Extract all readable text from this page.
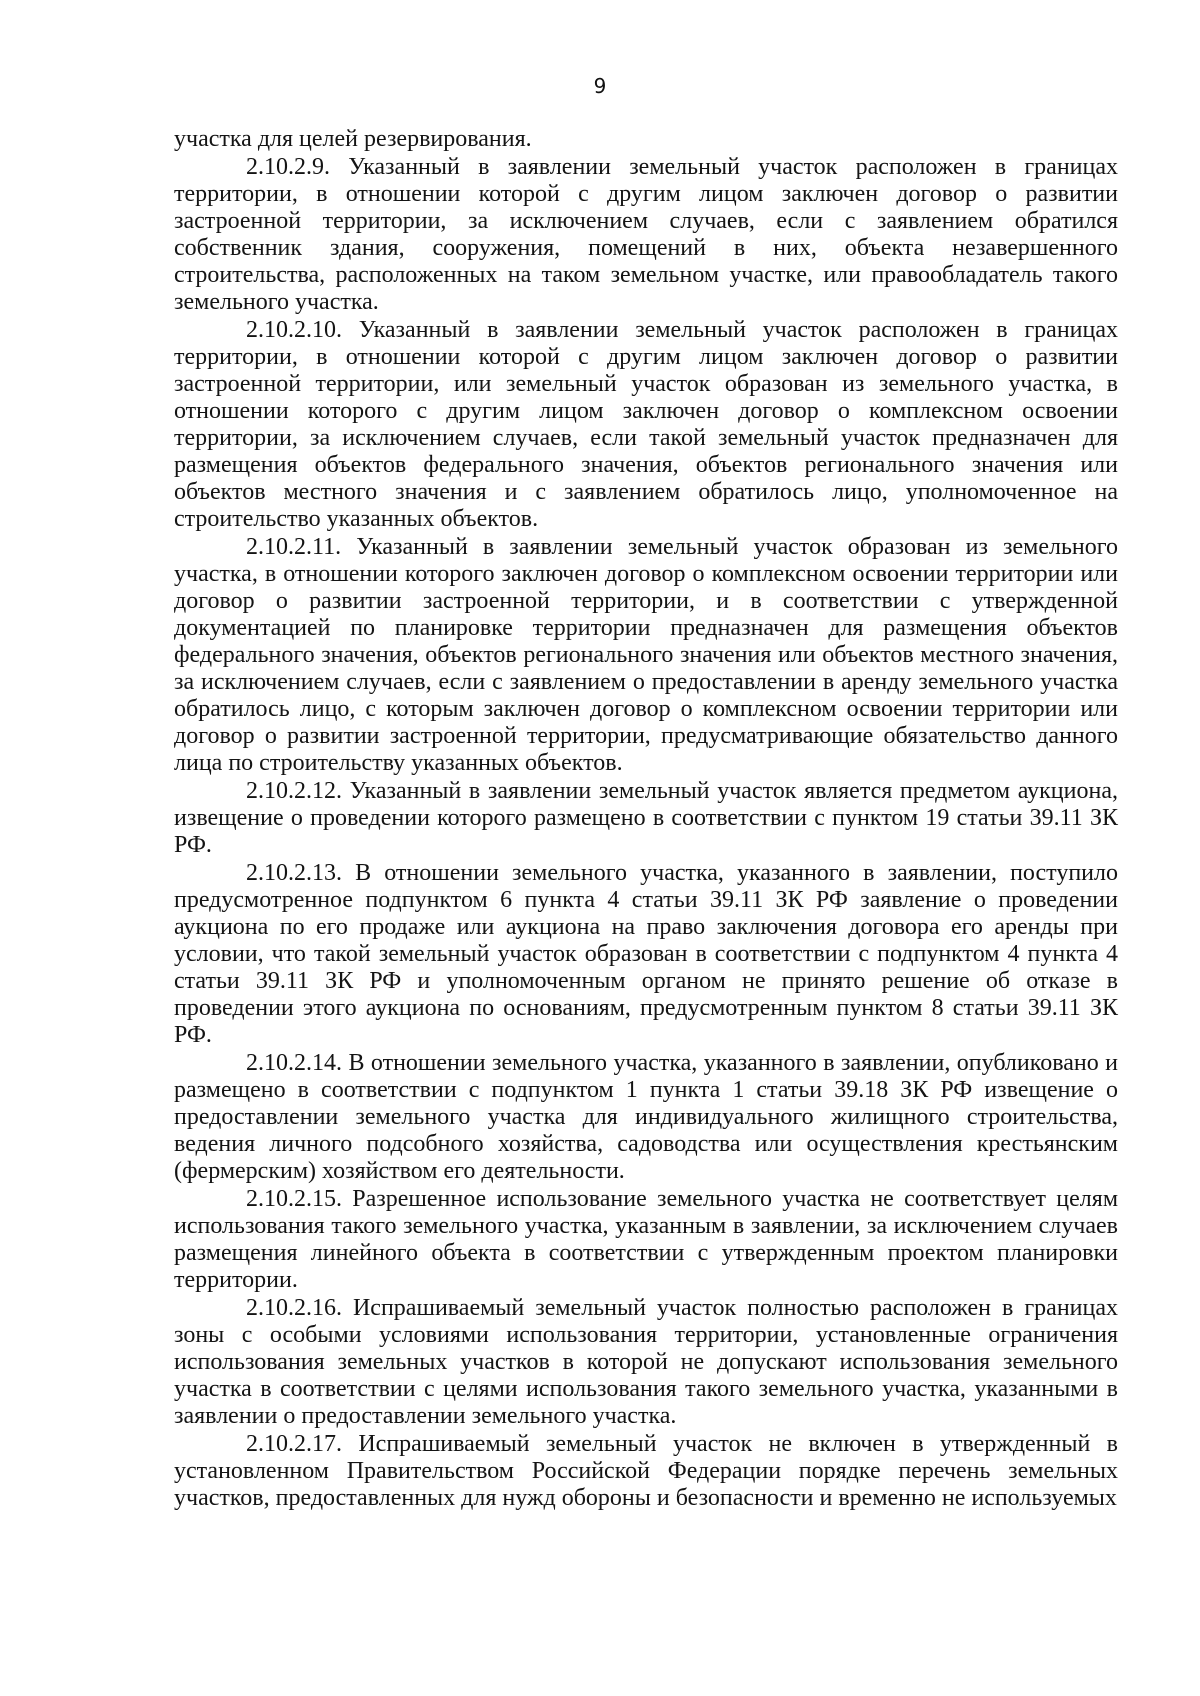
9

участка для целей резервирования.

2.10.2.9. Указанный в заявлении земельный участок расположен в границах территории, в отношении которой с другим лицом заключен договор о развитии застроенной территории, за исключением случаев, если с заявлением обратился собственник здания, сооружения, помещений в них, объекта незавершенного строительства, расположенных на таком земельном участке, или правообладатель такого земельного участка.

2.10.2.10. Указанный в заявлении земельный участок расположен в границах территории, в отношении которой с другим лицом заключен договор о развитии застроенной территории, или земельный участок образован из земельного участка, в отношении которого с другим лицом заключен договор о комплексном освоении территории, за исключением случаев, если такой земельный участок предназначен для размещения объектов федерального значения, объектов регионального значения или объектов местного значения и с заявлением обратилось лицо, уполномоченное на строительство указанных объектов.

2.10.2.11. Указанный в заявлении земельный участок образован из земельного участка, в отношении которого заключен договор о комплексном освоении территории или договор о развитии застроенной территории, и в соответствии с утвержденной документацией по планировке территории предназначен для размещения объектов федерального значения, объектов регионального значения или объектов местного значения, за исключением случаев, если с заявлением о предоставлении в аренду земельного участка обратилось лицо, с которым заключен договор о комплексном освоении территории или договор о развитии застроенной территории, предусматривающие обязательство данного лица по строительству указанных объектов.

2.10.2.12. Указанный в заявлении земельный участок является предметом аукциона, извещение о проведении которого размещено в соответствии с пунктом 19 статьи 39.11 ЗК РФ.

2.10.2.13. В отношении земельного участка, указанного в заявлении, поступило предусмотренное подпунктом 6 пункта 4 статьи 39.11 ЗК РФ заявление о проведении аукциона по его продаже или аукциона на право заключения договора его аренды при условии, что такой земельный участок образован в соответствии с подпунктом 4 пункта 4 статьи 39.11 ЗК РФ и уполномоченным органом не принято решение об отказе в проведении этого аукциона по основаниям, предусмотренным пунктом 8 статьи 39.11 ЗК РФ.

2.10.2.14. В отношении земельного участка, указанного в заявлении, опубликовано и размещено в соответствии с подпунктом 1 пункта 1 статьи 39.18 ЗК РФ извещение о предоставлении земельного участка для индивидуального жилищного строительства, ведения личного подсобного хозяйства, садоводства или осуществления крестьянским (фермерским) хозяйством его деятельности.

2.10.2.15. Разрешенное использование земельного участка не соответствует целям использования такого земельного участка, указанным в заявлении, за исключением случаев размещения линейного объекта в соответствии с утвержденным проектом планировки территории.

2.10.2.16. Испрашиваемый земельный участок полностью расположен в границах зоны с особыми условиями использования территории, установленные ограничения использования земельных участков в которой не допускают использования земельного участка в соответствии с целями использования такого земельного участка, указанными в заявлении о предоставлении земельного участка.

2.10.2.17. Испрашиваемый земельный участок не включен в утвержденный в установленном Правительством Российской Федерации порядке перечень земельных участков, предоставленных для нужд обороны и безопасности и временно не используемых
